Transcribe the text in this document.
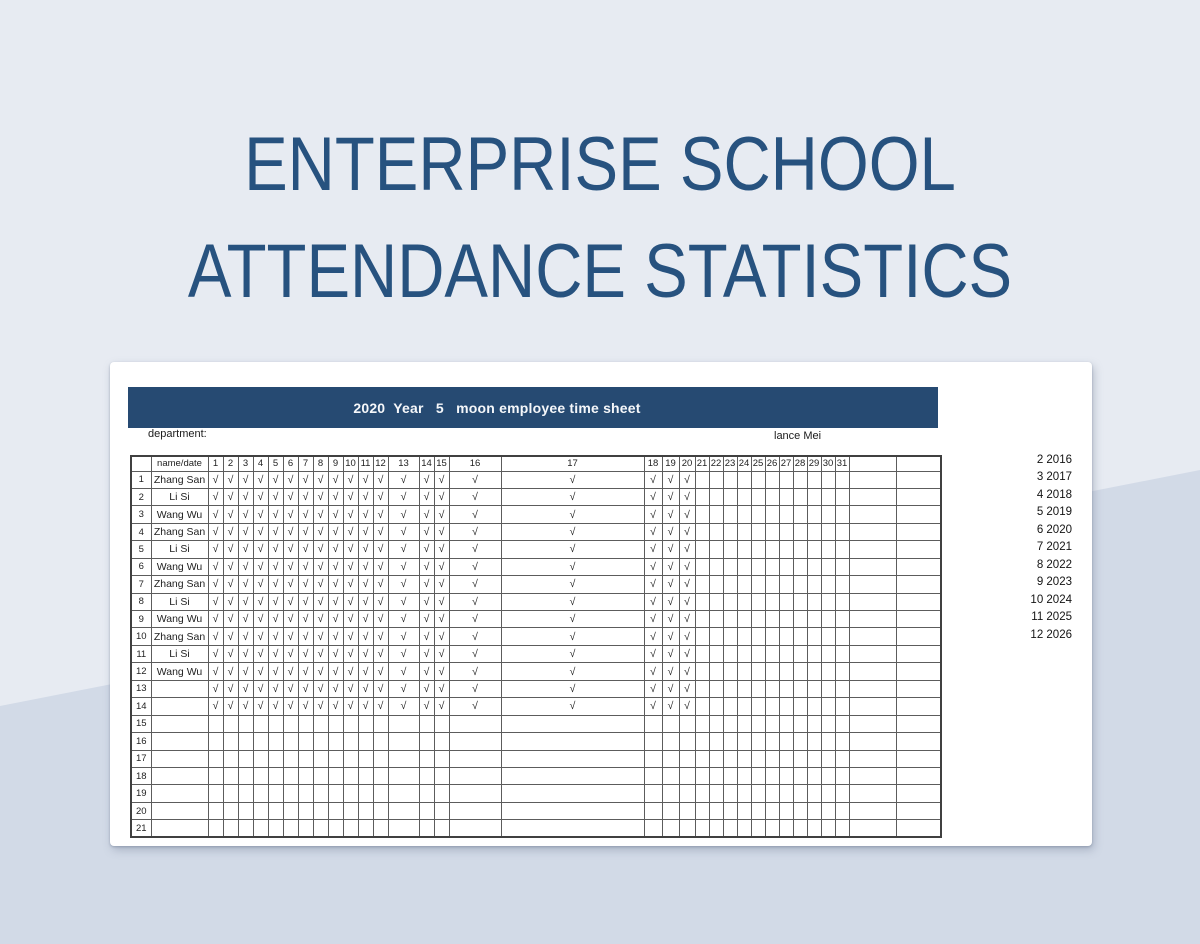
ENTERPRISE SCHOOL
ATTENDANCE STATISTICS
2020  Year   5   moon employee time sheet
department:	lance Mei
	name/date	1	2	3	4	5	6	7	8	9	10	11	12	13	14	15	16	17	18	19	20	21	22	23	24	25	26	27	28	29	30	31		
1	Zhang San	√	√	√	√	√	√	√	√	√	√	√	√	√	√	√	√	√	√	√	√													
2	Li Si	√	√	√	√	√	√	√	√	√	√	√	√	√	√	√	√	√	√	√	√													
3	Wang Wu	√	√	√	√	√	√	√	√	√	√	√	√	√	√	√	√	√	√	√	√													
4	Zhang San	√	√	√	√	√	√	√	√	√	√	√	√	√	√	√	√	√	√	√	√													
5	Li Si	√	√	√	√	√	√	√	√	√	√	√	√	√	√	√	√	√	√	√	√													
6	Wang Wu	√	√	√	√	√	√	√	√	√	√	√	√	√	√	√	√	√	√	√	√													
7	Zhang San	√	√	√	√	√	√	√	√	√	√	√	√	√	√	√	√	√	√	√	√													
8	Li Si	√	√	√	√	√	√	√	√	√	√	√	√	√	√	√	√	√	√	√	√													
9	Wang Wu	√	√	√	√	√	√	√	√	√	√	√	√	√	√	√	√	√	√	√	√													
10	Zhang San	√	√	√	√	√	√	√	√	√	√	√	√	√	√	√	√	√	√	√	√													
11	Li Si	√	√	√	√	√	√	√	√	√	√	√	√	√	√	√	√	√	√	√	√													
12	Wang Wu	√	√	√	√	√	√	√	√	√	√	√	√	√	√	√	√	√	√	√	√													
13		√	√	√	√	√	√	√	√	√	√	√	√	√	√	√	√	√	√	√	√													
14		√	√	√	√	√	√	√	√	√	√	√	√	√	√	√	√	√	√	√	√													
15																																		
16																																		
17																																		
18																																		
19																																		
20																																		
21																																		
2 2016
3 2017
4 2018
5 2019
6 2020
7 2021
8 2022
9 2023
10 2024
11 2025
12 2026
